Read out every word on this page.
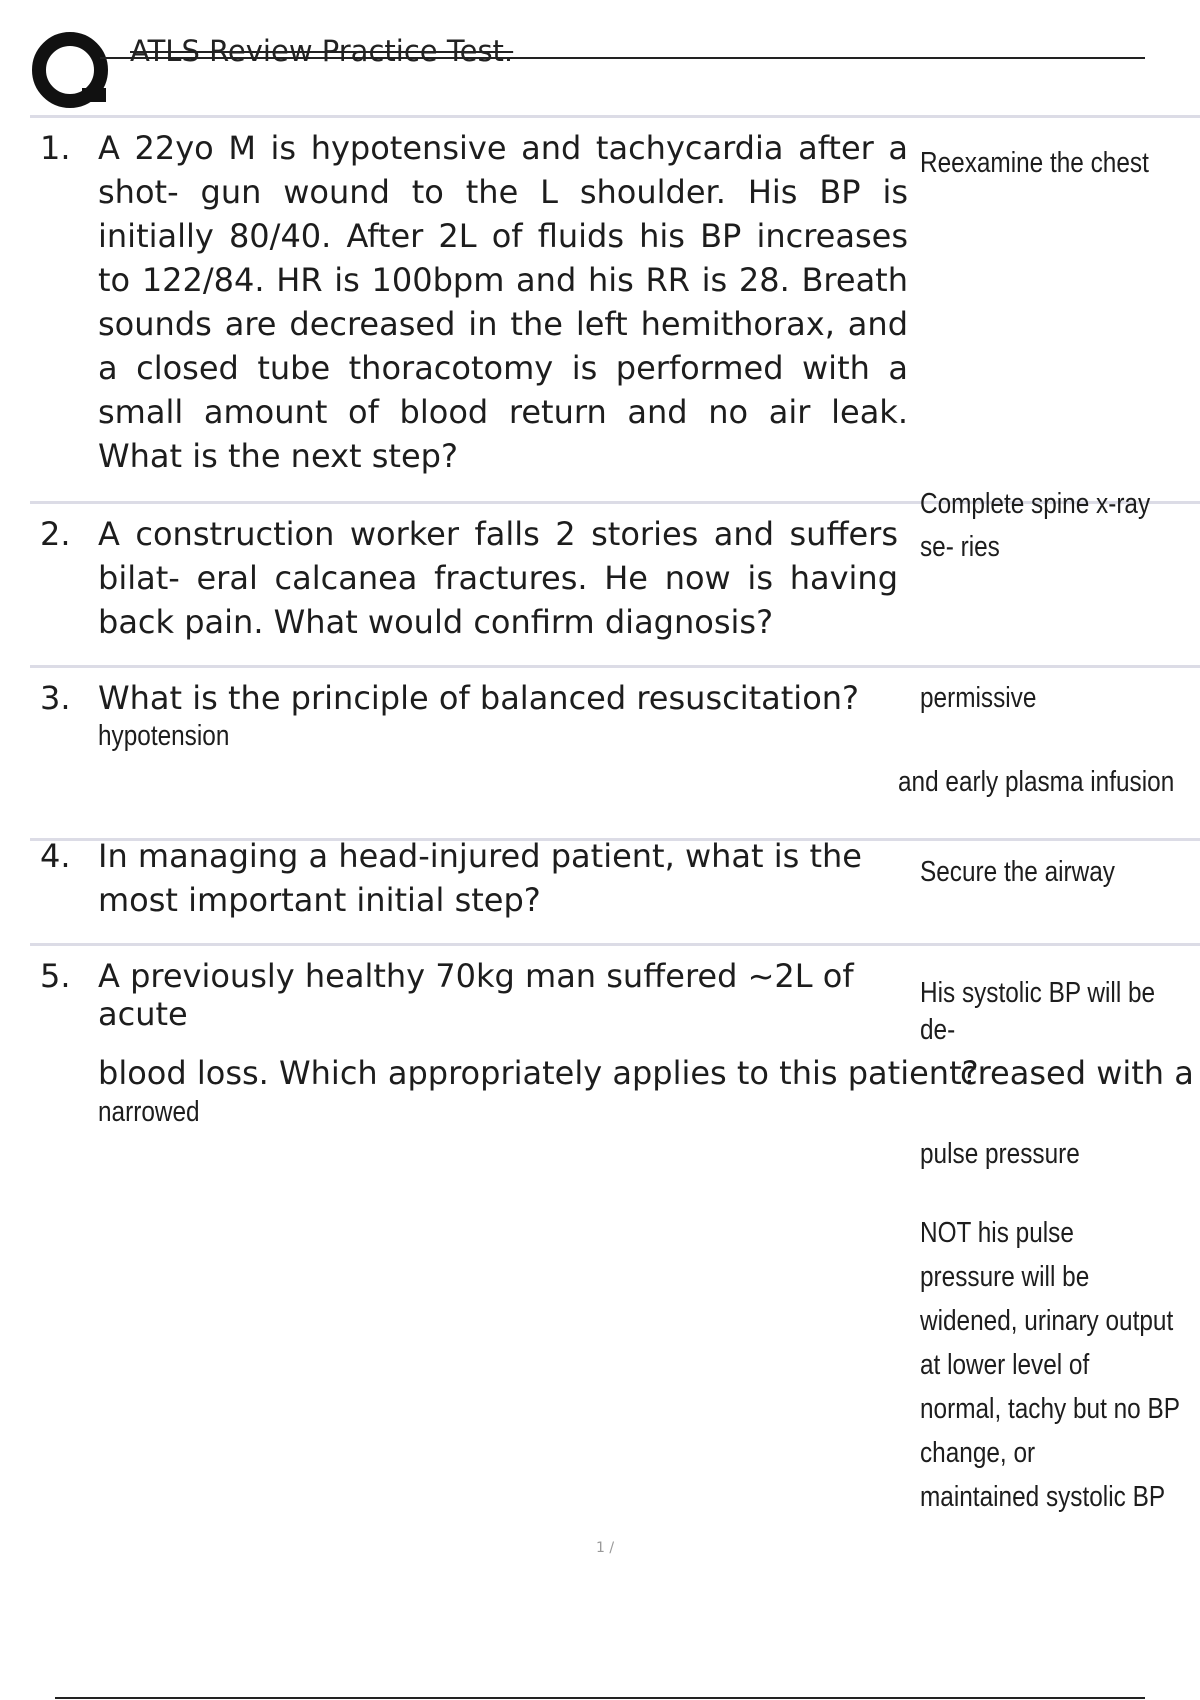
ATLS Review Practice Test.
1. A 22yo M is hypotensive and tachycardia after a shot- gun wound to the L shoulder. His BP is initially 80/40. After 2L of fluids his BP increases to 122/84. HR is 100bpm and his RR is 28. Breath sounds are decreased in the left hemithorax, and a closed tube thoracotomy is performed with a small amount of blood return and no air leak. What is the next step?
Reexamine the chest
Complete spine x-ray
se- ries
2. A construction worker falls 2 stories and suffers bilat- eral calcanea fractures. He now is having back pain. What would confirm diagnosis?
3. What is the principle of balanced resuscitation?	permissive
hypotension
and early plasma infusion
4. In managing a head-injured patient, what is the most important initial step?
Secure the airway
5. A previously healthy 70kg man suffered ~2L of
acute
His systolic BP will be
de-
blood loss. Which appropriately applies to this patient?
creased with a
narrowed
pulse pressure
NOT his pulse
pressure will be
widened, urinary output
at lower level of
normal, tachy but no BP
change, or
maintained systolic BP
1 /
